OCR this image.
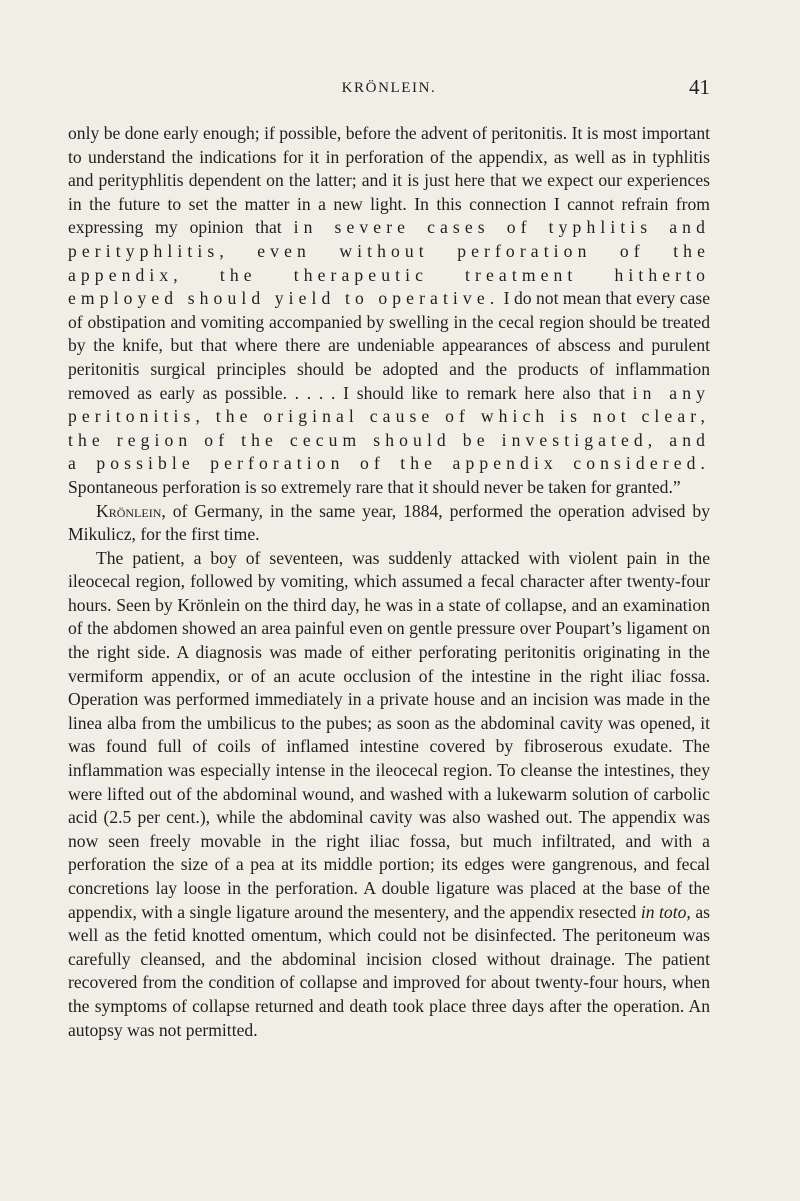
KRÖNLEIN.	41

only be done early enough; if possible, before the advent of peritonitis. It is most important to understand the indications for it in perforation of the appendix, as well as in typhlitis and perityphlitis dependent on the latter; and it is just here that we expect our experiences in the future to set the matter in a new light. In this connection I cannot refrain from expressing my opinion that in severe cases of typhlitis and perityphlitis, even without perforation of the appendix, the therapeutic treatment hitherto employed should yield to operative. I do not mean that every case of obstipation and vomiting accompanied by swelling in the cecal region should be treated by the knife, but that where there are undeniable appearances of abscess and purulent peritonitis surgical principles should be adopted and the products of inflammation removed as early as possible. . . . . I should like to remark here also that in any peritonitis, the original cause of which is not clear, the region of the cecum should be investigated, and a possible perforation of the appendix considered. Spontaneous perforation is so extremely rare that it should never be taken for granted.”

Krönlein, of Germany, in the same year, 1884, performed the operation advised by Mikulicz, for the first time.

The patient, a boy of seventeen, was suddenly attacked with violent pain in the ileocecal region, followed by vomiting, which assumed a fecal character after twenty-four hours. Seen by Krönlein on the third day, he was in a state of collapse, and an examination of the abdomen showed an area painful even on gentle pressure over Poupart’s ligament on the right side. A diagnosis was made of either perforating peritonitis originating in the vermiform appendix, or of an acute occlusion of the intestine in the right iliac fossa. Operation was performed immediately in a private house and an incision was made in the linea alba from the umbilicus to the pubes; as soon as the abdominal cavity was opened, it was found full of coils of inflamed intestine covered by fibroserous exudate. The inflammation was especially intense in the ileocecal region. To cleanse the intestines, they were lifted out of the abdominal wound, and washed with a lukewarm solution of carbolic acid (2.5 per cent.), while the abdominal cavity was also washed out. The appendix was now seen freely movable in the right iliac fossa, but much infiltrated, and with a perforation the size of a pea at its middle portion; its edges were gangrenous, and fecal concretions lay loose in the perforation. A double ligature was placed at the base of the appendix, with a single ligature around the mesentery, and the appendix resected in toto, as well as the fetid knotted omentum, which could not be disinfected. The peritoneum was carefully cleansed, and the abdominal incision closed without drainage. The patient recovered from the condition of collapse and improved for about twenty-four hours, when the symptoms of collapse returned and death took place three days after the operation. An autopsy was not permitted.
